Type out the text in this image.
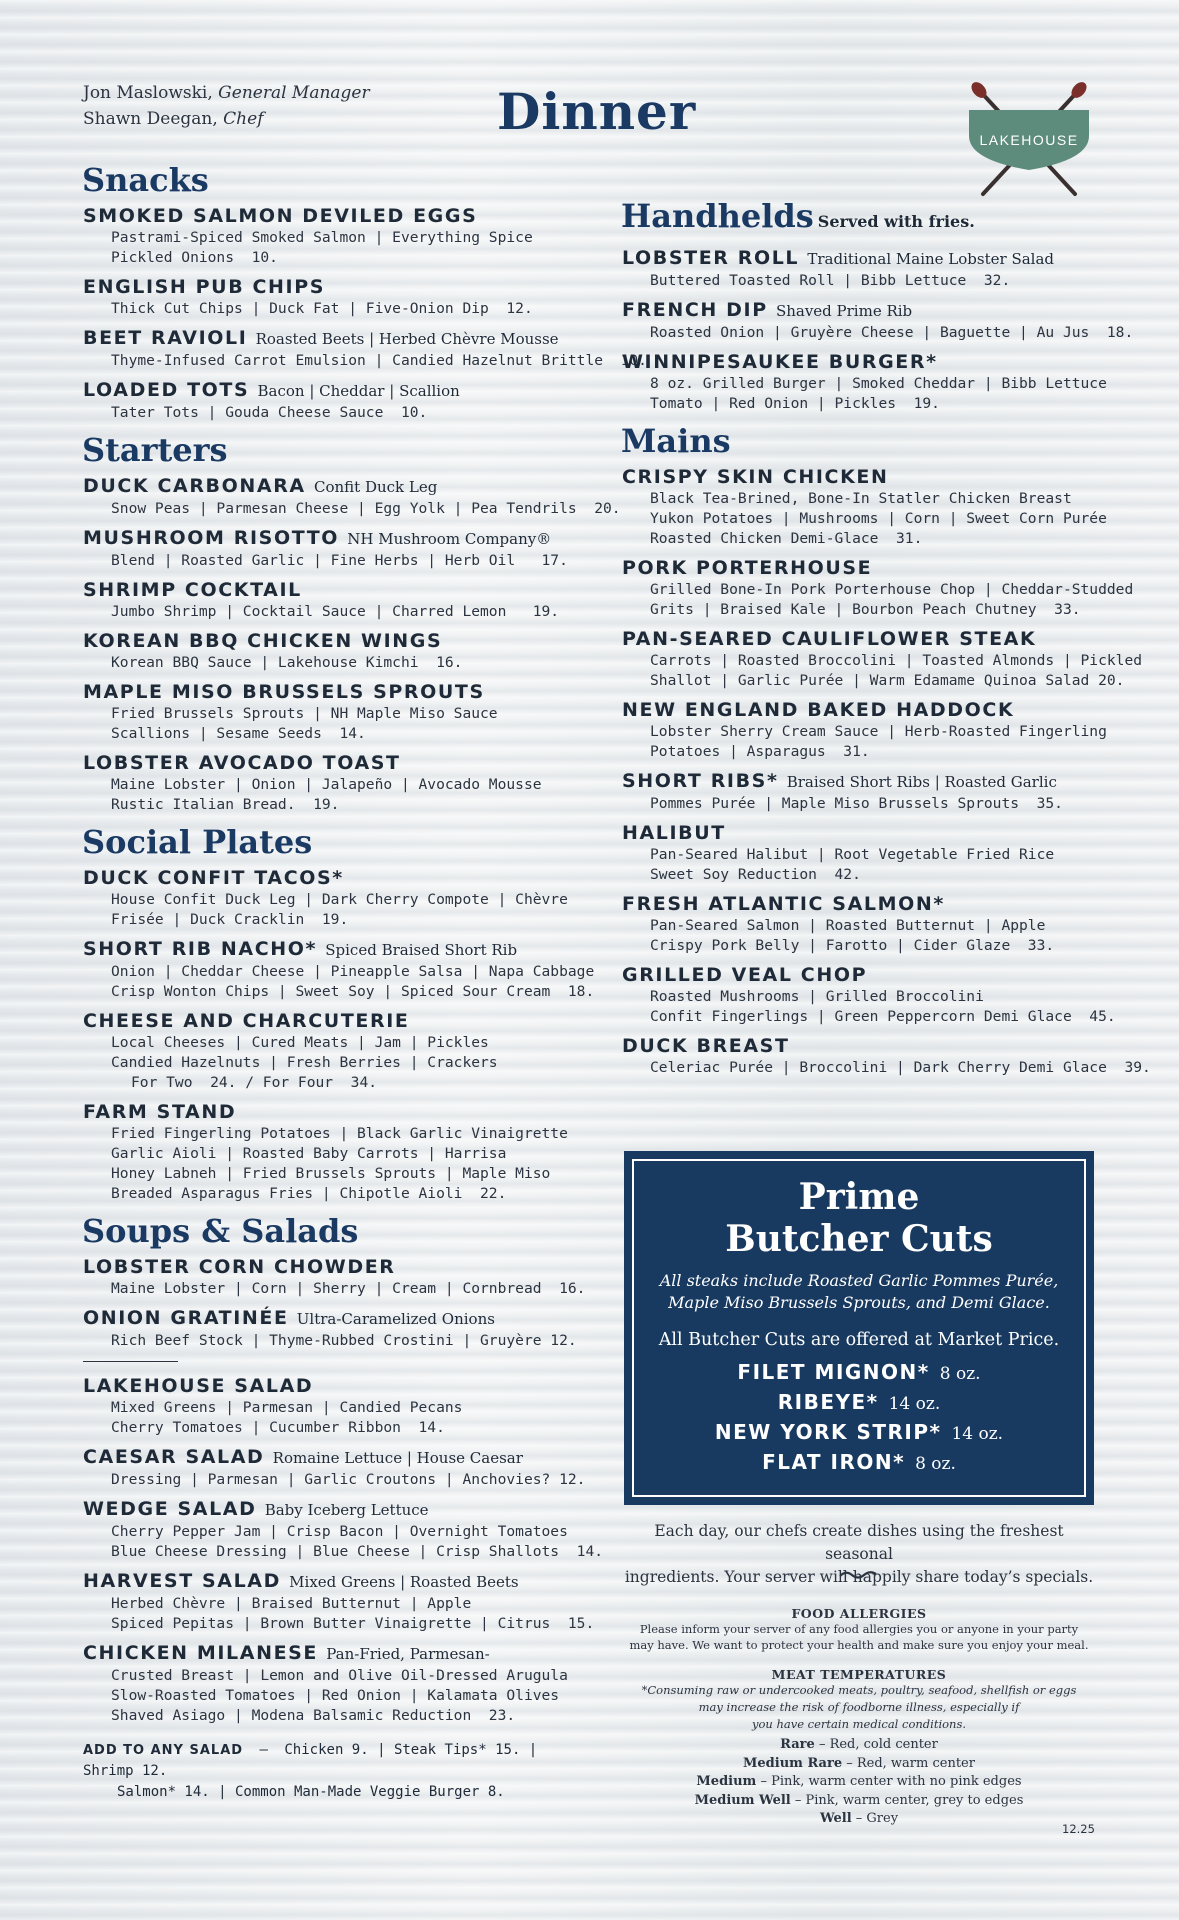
Jon Maslowski, General Manager
Shawn Deegan, Chef	Dinner	LAKEHOUSE
Snacks
SMOKED SALMON DEVILED EGGS
Pastrami-Spiced Smoked Salmon | Everything Spice
Pickled Onions  10.
ENGLISH PUB CHIPS
Thick Cut Chips | Duck Fat | Five-Onion Dip  12.
BEET RAVIOLI Roasted Beets | Herbed Chèvre Mousse
Thyme-Infused Carrot Emulsion | Candied Hazelnut Brittle  10.
LOADED TOTS Bacon | Cheddar | Scallion
Tater Tots | Gouda Cheese Sauce  10.
Starters
DUCK CARBONARA Confit Duck Leg
Snow Peas | Parmesan Cheese | Egg Yolk | Pea Tendrils  20.
MUSHROOM RISOTTO NH Mushroom Company®
Blend | Roasted Garlic | Fine Herbs | Herb Oil   17.
SHRIMP COCKTAIL
Jumbo Shrimp | Cocktail Sauce | Charred Lemon   19.
KOREAN BBQ CHICKEN WINGS
Korean BBQ Sauce | Lakehouse Kimchi  16.
MAPLE MISO BRUSSELS SPROUTS
Fried Brussels Sprouts | NH Maple Miso Sauce
Scallions | Sesame Seeds  14.
LOBSTER AVOCADO TOAST
Maine Lobster | Onion | Jalapeño | Avocado Mousse
Rustic Italian Bread.  19.
Social Plates
DUCK CONFIT TACOS*
House Confit Duck Leg | Dark Cherry Compote | Chèvre
Frisée | Duck Cracklin  19.
SHORT RIB NACHO* Spiced Braised Short Rib
Onion | Cheddar Cheese | Pineapple Salsa | Napa Cabbage
Crisp Wonton Chips | Sweet Soy | Spiced Sour Cream  18.
CHEESE AND CHARCUTERIE
Local Cheeses | Cured Meats | Jam | Pickles
Candied Hazelnuts | Fresh Berries | Crackers
For Two  24. / For Four  34.
FARM STAND
Fried Fingerling Potatoes | Black Garlic Vinaigrette
Garlic Aioli | Roasted Baby Carrots | Harrisa
Honey Labneh | Fried Brussels Sprouts | Maple Miso
Breaded Asparagus Fries | Chipotle Aioli  22.
Soups & Salads
LOBSTER CORN CHOWDER
Maine Lobster | Corn | Sherry | Cream | Cornbread  16.
ONION GRATINÉE Ultra-Caramelized Onions
Rich Beef Stock | Thyme-Rubbed Crostini | Gruyère 12.
LAKEHOUSE SALAD
Mixed Greens | Parmesan | Candied Pecans
Cherry Tomatoes | Cucumber Ribbon  14.
CAESAR SALAD Romaine Lettuce | House Caesar
Dressing | Parmesan | Garlic Croutons | Anchovies? 12.
WEDGE SALAD Baby Iceberg Lettuce
Cherry Pepper Jam | Crisp Bacon | Overnight Tomatoes
Blue Cheese Dressing | Blue Cheese | Crisp Shallots  14.
HARVEST SALAD Mixed Greens | Roasted Beets
Herbed Chèvre | Braised Butternut | Apple
Spiced Pepitas | Brown Butter Vinaigrette | Citrus  15.
CHICKEN MILANESE Pan-Fried, Parmesan-
Crusted Breast | Lemon and Olive Oil-Dressed Arugula
Slow-Roasted Tomatoes | Red Onion | Kalamata Olives
Shaved Asiago | Modena Balsamic Reduction  23.
ADD TO ANY SALAD — Chicken 9. | Steak Tips* 15. | Shrimp 12.
Salmon* 14. | Common Man-Made Veggie Burger 8.
Handhelds Served with fries.
LOBSTER ROLL Traditional Maine Lobster Salad
Buttered Toasted Roll | Bibb Lettuce  32.
FRENCH DIP Shaved Prime Rib
Roasted Onion | Gruyère Cheese | Baguette | Au Jus  18.
WINNIPESAUKEE BURGER*
8 oz. Grilled Burger | Smoked Cheddar | Bibb Lettuce
Tomato | Red Onion | Pickles  19.
Mains
CRISPY SKIN CHICKEN
Black Tea-Brined, Bone-In Statler Chicken Breast
Yukon Potatoes | Mushrooms | Corn | Sweet Corn Purée
Roasted Chicken Demi-Glace  31.
PORK PORTERHOUSE
Grilled Bone-In Pork Porterhouse Chop | Cheddar-Studded
Grits | Braised Kale | Bourbon Peach Chutney  33.
PAN-SEARED CAULIFLOWER STEAK
Carrots | Roasted Broccolini | Toasted Almonds | Pickled
Shallot | Garlic Purée | Warm Edamame Quinoa Salad 20.
NEW ENGLAND BAKED HADDOCK
Lobster Sherry Cream Sauce | Herb-Roasted Fingerling
Potatoes | Asparagus  31.
SHORT RIBS* Braised Short Ribs | Roasted Garlic
Pommes Purée | Maple Miso Brussels Sprouts  35.
HALIBUT
Pan-Seared Halibut | Root Vegetable Fried Rice
Sweet Soy Reduction  42.
FRESH ATLANTIC SALMON*
Pan-Seared Salmon | Roasted Butternut | Apple
Crispy Pork Belly | Farotto | Cider Glaze  33.
GRILLED VEAL CHOP
Roasted Mushrooms | Grilled Broccolini
Confit Fingerlings | Green Peppercorn Demi Glace  45.
DUCK BREAST
Celeriac Purée | Broccolini | Dark Cherry Demi Glace  39.
Prime
Butcher Cuts
All steaks include Roasted Garlic Pommes Purée,
Maple Miso Brussels Sprouts, and Demi Glace.
All Butcher Cuts are offered at Market Price.
FILET MIGNON* 8 oz.
RIBEYE* 14 oz.
NEW YORK STRIP* 14 oz.
FLAT IRON* 8 oz.
Each day, our chefs create dishes using the freshest seasonal
ingredients. Your server will happily share today’s specials.
FOOD ALLERGIES
Please inform your server of any food allergies you or anyone in your party
may have. We want to protect your health and make sure you enjoy your meal.
MEAT TEMPERATURES
*Consuming raw or undercooked meats, poultry, seafood, shellfish or eggs
may increase the risk of foodborne illness, especially if
you have certain medical conditions.
Rare – Red, cold center
Medium Rare – Red, warm center
Medium – Pink, warm center with no pink edges
Medium Well – Pink, warm center, grey to edges
Well – Grey
12.25
